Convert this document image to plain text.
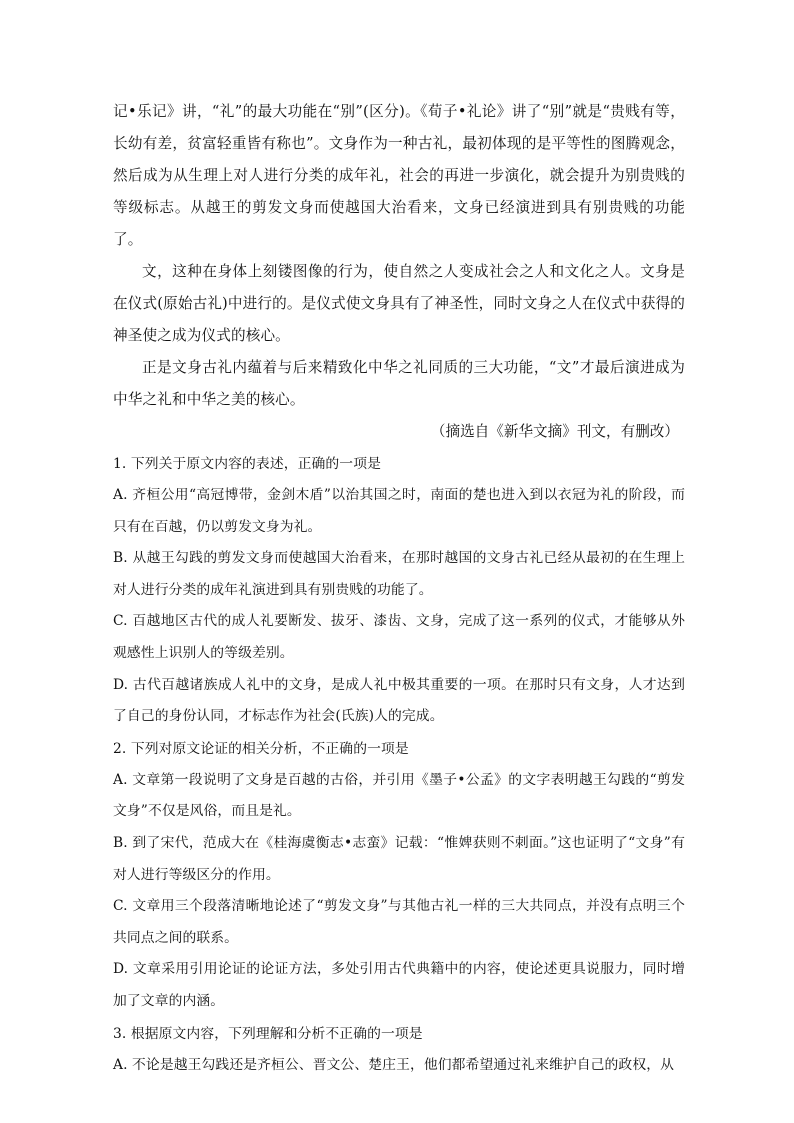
记•乐记》讲，“礼”的最大功能在“别”(区分)。《荀子•礼论》讲了“别”就是“贵贱有等，长幼有差，贫富轻重皆有称也”。文身作为一种古礼，最初体现的是平等性的图腾观念，然后成为从生理上对人进行分类的成年礼，社会的再进一步演化，就会提升为别贵贱的等级标志。从越王的剪发文身而使越国大治看来，文身已经演进到具有别贵贱的功能了。

文，这种在身体上刻镂图像的行为，使自然之人变成社会之人和文化之人。文身是在仪式(原始古礼)中进行的。是仪式使文身具有了神圣性，同时文身之人在仪式中获得的神圣使之成为仪式的核心。

正是文身古礼内蕴着与后来精致化中华之礼同质的三大功能，“文”才最后演进成为中华之礼和中华之美的核心。

（摘选自《新华文摘》刊文，有删改）

1. 下列关于原文内容的表述，正确的一项是

A. 齐桓公用“高冠博带，金剑木盾”以治其国之时，南面的楚也进入到以衣冠为礼的阶段，而只有在百越，仍以剪发文身为礼。

B. 从越王勾践的剪发文身而使越国大治看来，在那时越国的文身古礼已经从最初的在生理上对人进行分类的成年礼演进到具有别贵贱的功能了。

C. 百越地区古代的成人礼要断发、拔牙、漆齿、文身，完成了这一系列的仪式，才能够从外观感性上识别人的等级差别。

D. 古代百越诸族成人礼中的文身，是成人礼中极其重要的一项。在那时只有文身，人才达到了自己的身份认同，才标志作为社会(氏族)人的完成。

2. 下列对原文论证的相关分析，不正确的一项是

A. 文章第一段说明了文身是百越的古俗，并引用《墨子•公孟》的文字表明越王勾践的“剪发文身”不仅是风俗，而且是礼。

B. 到了宋代，范成大在《桂海虞衡志•志蛮》记载：“惟婢获则不刺面。”这也证明了“文身”有对人进行等级区分的作用。

C. 文章用三个段落清晰地论述了“剪发文身”与其他古礼一样的三大共同点，并没有点明三个共同点之间的联系。

D. 文章采用引用论证的论证方法，多处引用古代典籍中的内容，使论述更具说服力，同时增加了文章的内涵。

3. 根据原文内容，下列理解和分析不正确的一项是

A. 不论是越王勾践还是齐桓公、晋文公、楚庄王，他们都希望通过礼来维护自己的政权，从
